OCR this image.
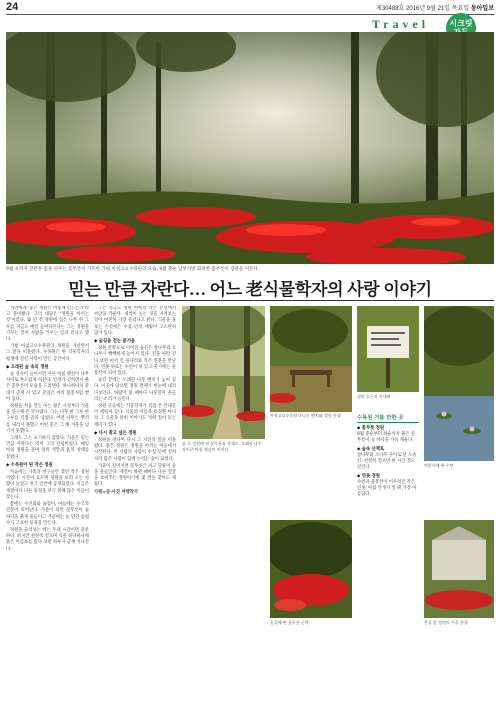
24	제30488호 2016년 9월 21일 목요일 동아일보
Travel	시크릿

9월 초까지 진분홍 꽃을 피우는 꽃무릇이 가득한 가평 아침고요수목원의 모습. 9월 중순 남부지방 화려한 꽃무릇이 장관을 이룬다.
믿는 만큼 자란다… 어느 老식물학자의 사랑 이야기

지인에게 '좋은 정원은 어떻게 만드는가'라고 물어봤다. 그의 대답은 '정원을 아끼는 것'이었다. 몇 년 전 정원에 심은 나무 한 그루를 지금도 매일 들여다본다는 그는 정원을 가꾸는 일이 사람을 키우는 일과 같다고 했다.

가평 아침고요수목원의 정원을 거닐면서 그 말을 떠올렸다. 수목원은 한 식물학자의 평생에 걸친 사랑이 만든 공간이다.

◆ 오래된 숲 속의 정원

숲 깊숙이 들어서면 이른 아침 햇살이 나무 사이로 부드럽게 비친다. 안개가 걷히면서 붉은 꽃무릇이 모습을 드러낸다. 하나하나의 꽃대가 곧게 서 있고 꽃잎은 마치 불꽃처럼 뻗어 있다.

정원을 처음 만든 이는 젊은 시절부터 식물을 연구해 온 학자였다. 그는 나무 한 그루 한 그루를 직접 골라 심었다. 어떤 나무는 뿌리를 내리지 못했고 어떤 꽃은 그 해 겨울을 넘기지 못했다.

그래도 그는 포기하지 않았다. 식물은 믿는 만큼 자란다는 것이 그의 신념이었다. 매일 아침 정원을 돌며 잎의 색깔과 흙의 상태를 살폈다.

◆ 수목원이 된 작은 정원

처음에는 가족과 친구들만 찾던 작은 정원이었다. 시간이 흐르며 정원을 보러 오는 사람이 늘었고 결국 일반에 공개되었다. 지금은 계절마다 다른 풍경을 보기 위해 많은 이들이 찾는다.

봄에는 수선화와 튤립이, 여름에는 수국과 연꽃이 피어난다. 가을이 되면 꽃무릇이 숲 바닥을 붉게 물들이고 겨울에는 눈 덮인 침엽수가 고요한 풍경을 만든다.

정원을 둘러보는 데는 두세 시간이면 충분하다. 하지만 천천히 걸으며 식물 하나하나에 붙은 이름표를 읽다 보면 하루가 금세 지나간다.

그는 지금도 정원 한쪽의 작은 온실에서 씨앗을 키운다. 새싹이 돋는 것을 지켜보는 일이 여전히 가장 즐겁다고 한다. 식물을 돌보는 손길에는 수십 년의 세월이 고스란히 담겨 있다.

◆ 숲길을 걷는 즐거움

정원 안쪽으로 이어진 숲길은 참나무와 소나무가 빽빽하게 늘어서 있다. 길을 따라 걷다 보면 이끼 낀 돌다리와 작은 연못을 만난다. 연못 위로는 수련이 떠 있고 물가에는 물봉선이 피어 있다.

숲길 끝에는 오래된 나무 벤치가 놓여 있다. 이곳에 앉으면 정원 전체가 한눈에 내려다보인다. 바람이 불 때마다 나뭇잎이 흔들리는 소리가 들린다.

정원 곳곳에는 식물학자가 직접 쓴 안내문이 세워져 있다. 식물의 이름과 특징뿐 아니라 그 식물과 얽힌 이야기도 적혀 있어 읽는 재미가 있다.

◆ 다시 찾고 싶은 정원

정원을 떠나며 다시 그 지인의 말을 떠올렸다. 좋은 정원은 정원을 아끼는 마음에서 시작된다. 한 사람의 사랑이 수십 년에 걸쳐 자라 많은 사람이 함께 누리는 숲이 되었다.

가을이 깊어지면 꽃무릇은 지고 단풍이 숲을 물들인다. 계절이 바뀔 때마다 다른 얼굴을 보여주는 정원이기에 몇 번을 찾아도 새롭다.

가평=글·사진 여행작가

숲 속 정원에 핀 꽃무릇과 산책로. 오래된 나무 사이로 아침 햇살이 비친다.
아침고요수목원의 나무 벤치와 정원 풍경
정원 입구의 안내판
연못가에 핀 수련
수목원 가볼 만한 곳
◆ 꽃무릇 정원
9월 중순부터 하순까지 붉은 꽃무릇이 숲 바닥을 가득 채운다.
◆ 숲속 산책로
참나무와 소나무 사이로 난 오솔길. 천천히 걸으면 한 시간 정도 걸린다.
◆ 연못 정원
수련과 물봉선이 어우러진 작은 연못. 아침 안개가 낄 때 가장 아름답다.
숲길에 핀 꽃무릇 군락	온실 앞 정원의 가을 풍경
